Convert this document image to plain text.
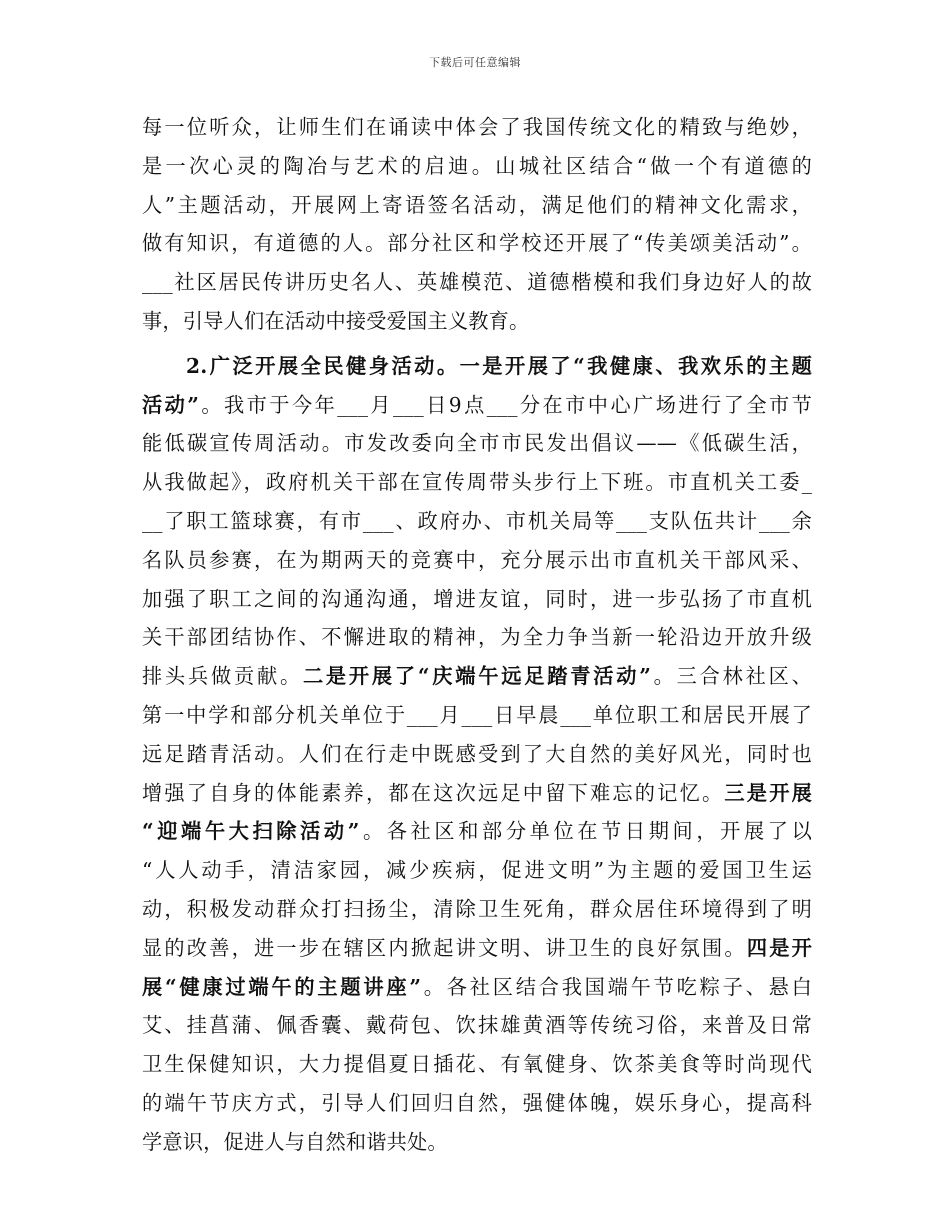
下载后可任意编辑
每一位听众，让师生们在诵读中体会了我国传统文化的精致与绝妙，
是一次心灵的陶冶与艺术的启迪。山城社区结合“做一个有道德的
人”主题活动，开展网上寄语签名活动，满足他们的精神文化需求，
做有知识，有道德的人。部分社区和学校还开展了“传美颂美活动”。
___社区居民传讲历史名人、英雄模范、道德楷模和我们身边好人的故
事，引导人们在活动中接受爱国主义教育。
2.广泛开展全民健身活动。一是开展了“我健康、我欢乐的主题
活动”。我市于今年___月___日9点___分在市中心广场进行了全市节
能低碳宣传周活动。市发改委向全市市民发出倡议——《低碳生活，
从我做起》，政府机关干部在宣传周带头步行上下班。市直机关工委_
__了职工篮球赛，有市___、政府办、市机关局等___支队伍共计___余
名队员参赛，在为期两天的竞赛中，充分展示出市直机关干部风采、
加强了职工之间的沟通沟通，增进友谊，同时，进一步弘扬了市直机
关干部团结协作、不懈进取的精神，为全力争当新一轮沿边开放升级
排头兵做贡献。二是开展了“庆端午远足踏青活动”。三合林社区、
第一中学和部分机关单位于___月___日早晨___单位职工和居民开展了
远足踏青活动。人们在行走中既感受到了大自然的美好风光，同时也
增强了自身的体能素养，都在这次远足中留下难忘的记忆。三是开展
“迎端午大扫除活动”。各社区和部分单位在节日期间，开展了以
“人人动手，清洁家园，减少疾病，促进文明”为主题的爱国卫生运
动，积极发动群众打扫扬尘，清除卫生死角，群众居住环境得到了明
显的改善，进一步在辖区内掀起讲文明、讲卫生的良好氛围。四是开
展“健康过端午的主题讲座”。各社区结合我国端午节吃粽子、悬白
艾、挂菖蒲、佩香囊、戴荷包、饮抹雄黄酒等传统习俗，来普及日常
卫生保健知识，大力提倡夏日插花、有氧健身、饮茶美食等时尚现代
的端午节庆方式，引导人们回归自然，强健体魄，娱乐身心，提高科
学意识，促进人与自然和谐共处。
